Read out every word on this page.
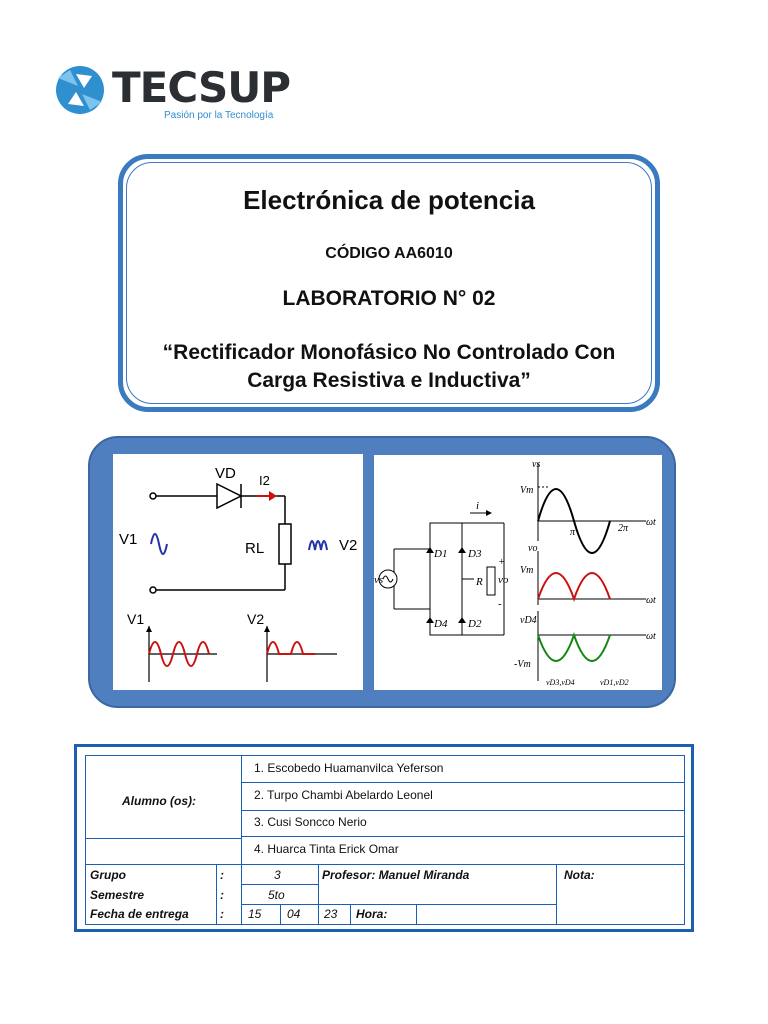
TECSUP
Pasión por la Tecnología
Electrónica de potencia
CÓDIGO AA6010
LABORATORIO N° 02
“Rectificador Monofásico No Controlado Con Carga Resistiva e Inductiva”
VD I2
V1
RL	V2
V1	V2
i
D1 D3
D4 D2
vs	R vo
+
-
vs
Vm
π	2π
ωt
vo
Vm
ωt
vD4
ωt
-Vm
vD3,vD4	vD1,vD2
Alumno (os):
1. Escobedo Huamanvilca Yeferson
2. Turpo Chambi Abelardo Leonel
3. Cusi Soncco Nerio
4. Huarca Tinta Erick Omar
Grupo	:	3	Profesor: Manuel Miranda	Nota:
Semestre	:	5to
Fecha de entrega	: 15 04 23 Hora:
